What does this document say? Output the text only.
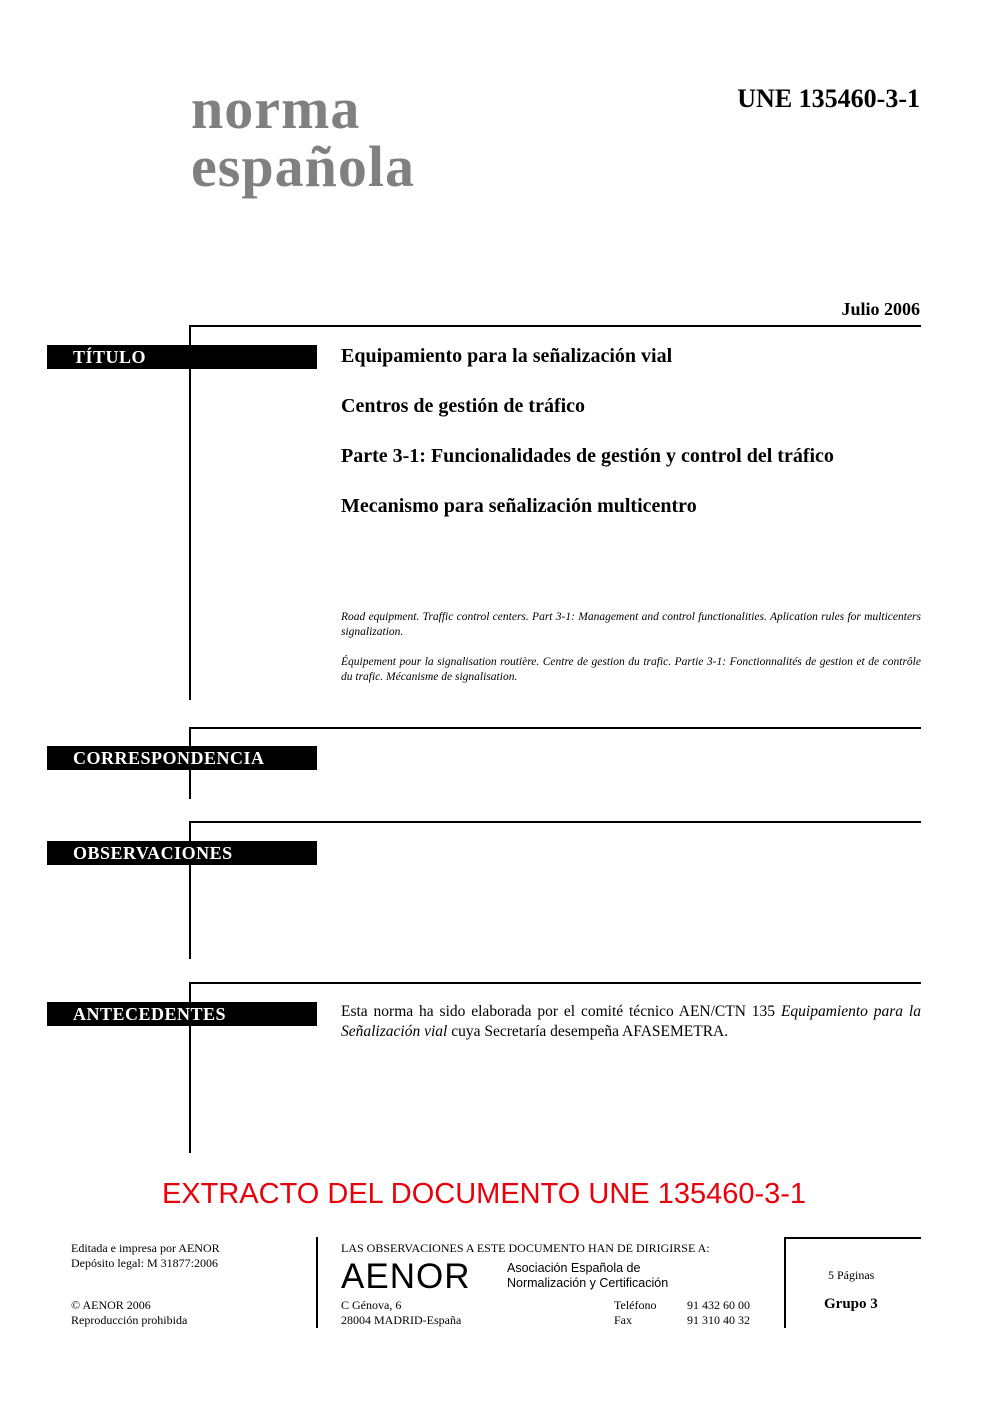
norma
española
UNE 135460-3-1
Julio 2006
TÍTULO	Equipamiento para la señalización vial
Centros de gestión de tráfico
Parte 3-1: Funcionalidades de gestión y control del tráfico
Mecanismo para señalización multicentro
Road equipment. Traffic control centers. Part 3-1: Management and control functionalities. Aplication rules for multicenters signalization.
Équipement pour la signalisation routière. Centre de gestion du trafic. Partie 3-1: Fonctionnalités de gestion et de contrôle du trafic. Mécanisme de signalisation.
CORRESPONDENCIA
OBSERVACIONES
ANTECEDENTES	Esta norma ha sido elaborada por el comité técnico AEN/CTN 135 Equipamiento para la Señalización vial cuya Secretaría desempeña AFASEMETRA.
EXTRACTO DEL DOCUMENTO UNE 135460-3-1
Editada e impresa por AENOR
Depósito legal: M 31877:2006
© AENOR 2006
Reproducción prohibida
LAS OBSERVACIONES A ESTE DOCUMENTO HAN DE DIRIGIRSE A:
AENOR	Asociación Española de
Normalización y Certificación
C Génova, 6
28004 MADRID-España
Teléfono	91 432 60 00
Fax	91 310 40 32
5 Páginas
Grupo 3
